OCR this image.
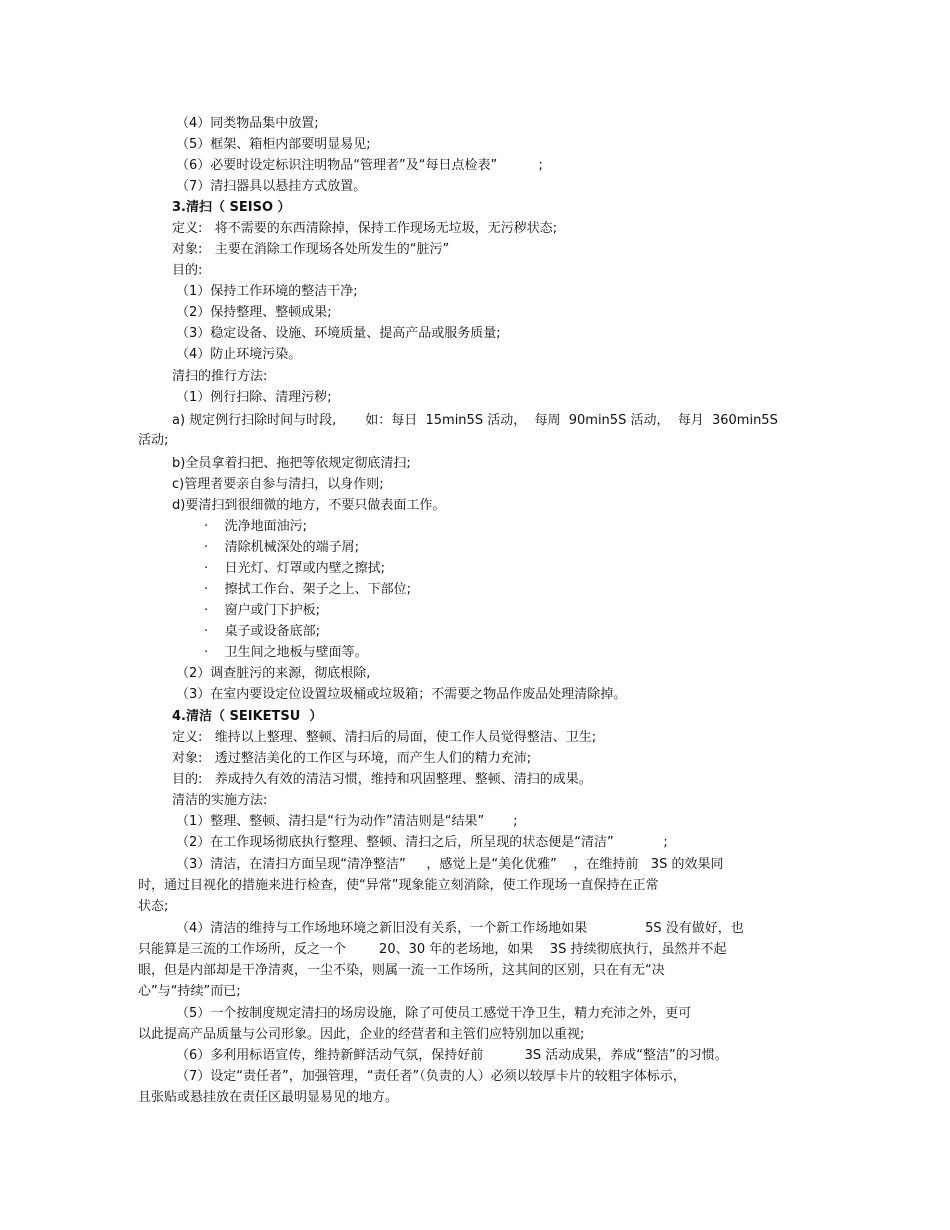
（4）同类物品集中放置;
（5）框架、箱柜内部要明显易见;
（6）必要时设定标识注明物品“管理者”及“每日点检表”          ;
（7）清扫器具以悬挂方式放置。
3.清扫（ SEISO ）
定义:   将不需要的东西清除掉，保持工作现场无垃圾，无污秽状态;
对象:   主要在消除工作现场各处所发生的“脏污”
目的:
（1）保持工作环境的整洁干净;
（2）保持整理、整顿成果;
（3）稳定设备、设施、环境质量、提高产品或服务质量;
（4）防止环境污染。
清扫的推行方法:
（1）例行扫除、清理污秽;
a) 规定例行扫除时间与时段,       如：每日  15min5S 活动，  每周  90min5S 活动，  每月  360min5S
活动;
b)全员拿着扫把、拖把等依规定彻底清扫;
c)管理者要亲自参与清扫，以身作则;
d)要清扫到很细微的地方，不要只做表面工作。
·    洗净地面油污;
·    清除机械深处的端子屑;
·    日光灯、灯罩或内壁之擦拭;
·    擦拭工作台、架子之上、下部位;
·    窗户或门下护板;
·    桌子或设备底部;
·    卫生间之地板与壁面等。
（2）调查脏污的来源，彻底根除,
（3）在室内要设定位设置垃圾桶或垃圾箱；不需要之物品作废品处理清除掉。
4.清洁（ SEIKETSU  ）
定义:   维持以上整理、整顿、清扫后的局面，使工作人员觉得整洁、卫生;
对象:   透过整洁美化的工作区与环境，而产生人们的精力充沛;
目的:   养成持久有效的清洁习惯，维持和巩固整理、整顿、清扫的成果。
清洁的实施方法:
（1）整理、整顿、清扫是“行为动作”清洁则是“结果”       ;
（2）在工作现场彻底执行整理、整顿、清扫之后，所呈现的状态便是“清洁”            ;
（3）清洁，在清扫方面呈现“清净整洁”     ，感觉上是“美化优雅”    ，在维持前   3S 的效果同
时，通过目视化的措施来进行检查，使“异常”现象能立刻消除，使工作现场一直保持在正常
状态;
（4）清洁的维持与工作场地环境之新旧没有关系，一个新工作场地如果              5S 没有做好，也
只能算是三流的工作场所，反之一个        20、30 年的老场地，如果    3S 持续彻底执行，虽然并不起
眼，但是内部却是干净清爽，一尘不染，则属一流一工作场所，这其间的区别，只在有无“决
心”与“持续”而已;
（5）一个按制度规定清扫的场房设施，除了可使员工感觉干净卫生，精力充沛之外，更可
以此提高产品质量与公司形象。因此，企业的经营者和主管们应特别加以重视;
（6）多利用标语宣传，维持新鲜活动气氛，保持好前          3S 活动成果，养成“整洁”的习惯。
（7）设定“责任者”，加强管理，“责任者”（负责的人）必须以较厚卡片的较粗字体标示，
且张贴或悬挂放在责任区最明显易见的地方。
